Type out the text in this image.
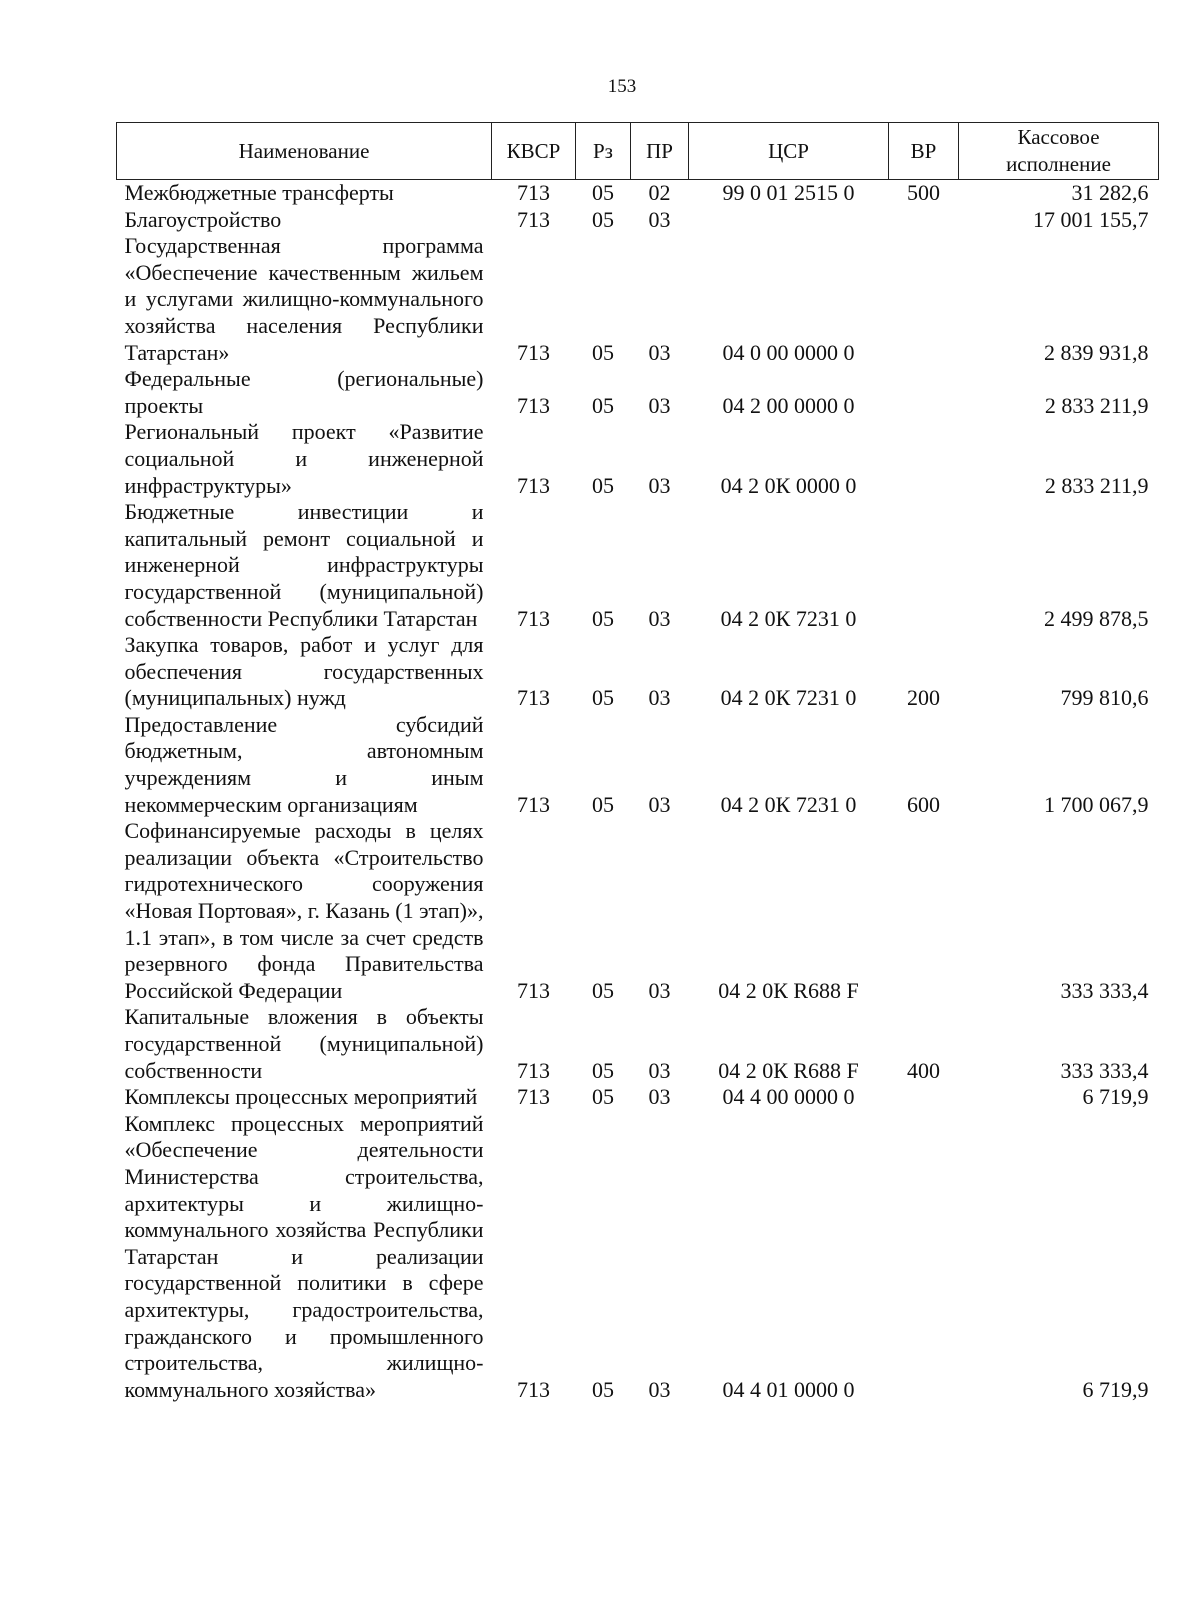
153
Наименование	КВСР	Рз	ПР	ЦСР	ВР	Кассовое исполнение
Межбюджетные трансферты	713	05	02	99 0 01 2515 0	500	31 282,6
Благоустройство	713	05	03			17 001 155,7
Государственная программа «Обеспечение качественным жильем и услугами жилищно-коммунального хозяйства населения Республики Татарстан»	713	05	03	04 0 00 0000 0		2 839 931,8
Федеральные (региональные) проекты	713	05	03	04 2 00 0000 0		2 833 211,9
Региональный проект «Развитие социальной и инженерной инфраструктуры»	713	05	03	04 2 0К 0000 0		2 833 211,9
Бюджетные инвестиции и капитальный ремонт социальной и инженерной инфраструктуры государственной (муниципальной) собственности Республики Татарстан	713	05	03	04 2 0К 7231 0		2 499 878,5
Закупка товаров, работ и услуг для обеспечения государственных (муниципальных) нужд	713	05	03	04 2 0К 7231 0	200	799 810,6
Предоставление субсидий бюджетным, автономным учреждениям и иным некоммерческим организациям	713	05	03	04 2 0К 7231 0	600	1 700 067,9
Софинансируемые расходы в целях реализации объекта «Строительство гидротехнического сооружения «Новая Портовая», г. Казань (1 этап)», 1.1 этап», в том числе за счет средств резервного фонда Правительства Российской Федерации	713	05	03	04 2 0К R688 F		333 333,4
Капитальные вложения в объекты государственной (муниципальной) собственности	713	05	03	04 2 0К R688 F	400	333 333,4
Комплексы процессных мероприятий	713	05	03	04 4 00 0000 0		6 719,9
Комплекс процессных мероприятий «Обеспечение деятельности Министерства строительства, архитектуры и жилищно-коммунального хозяйства Республики Татарстан и реализации государственной политики в сфере архитектуры, градостроительства, гражданского и промышленного строительства, жилищно-коммунального хозяйства»	713	05	03	04 4 01 0000 0		6 719,9
